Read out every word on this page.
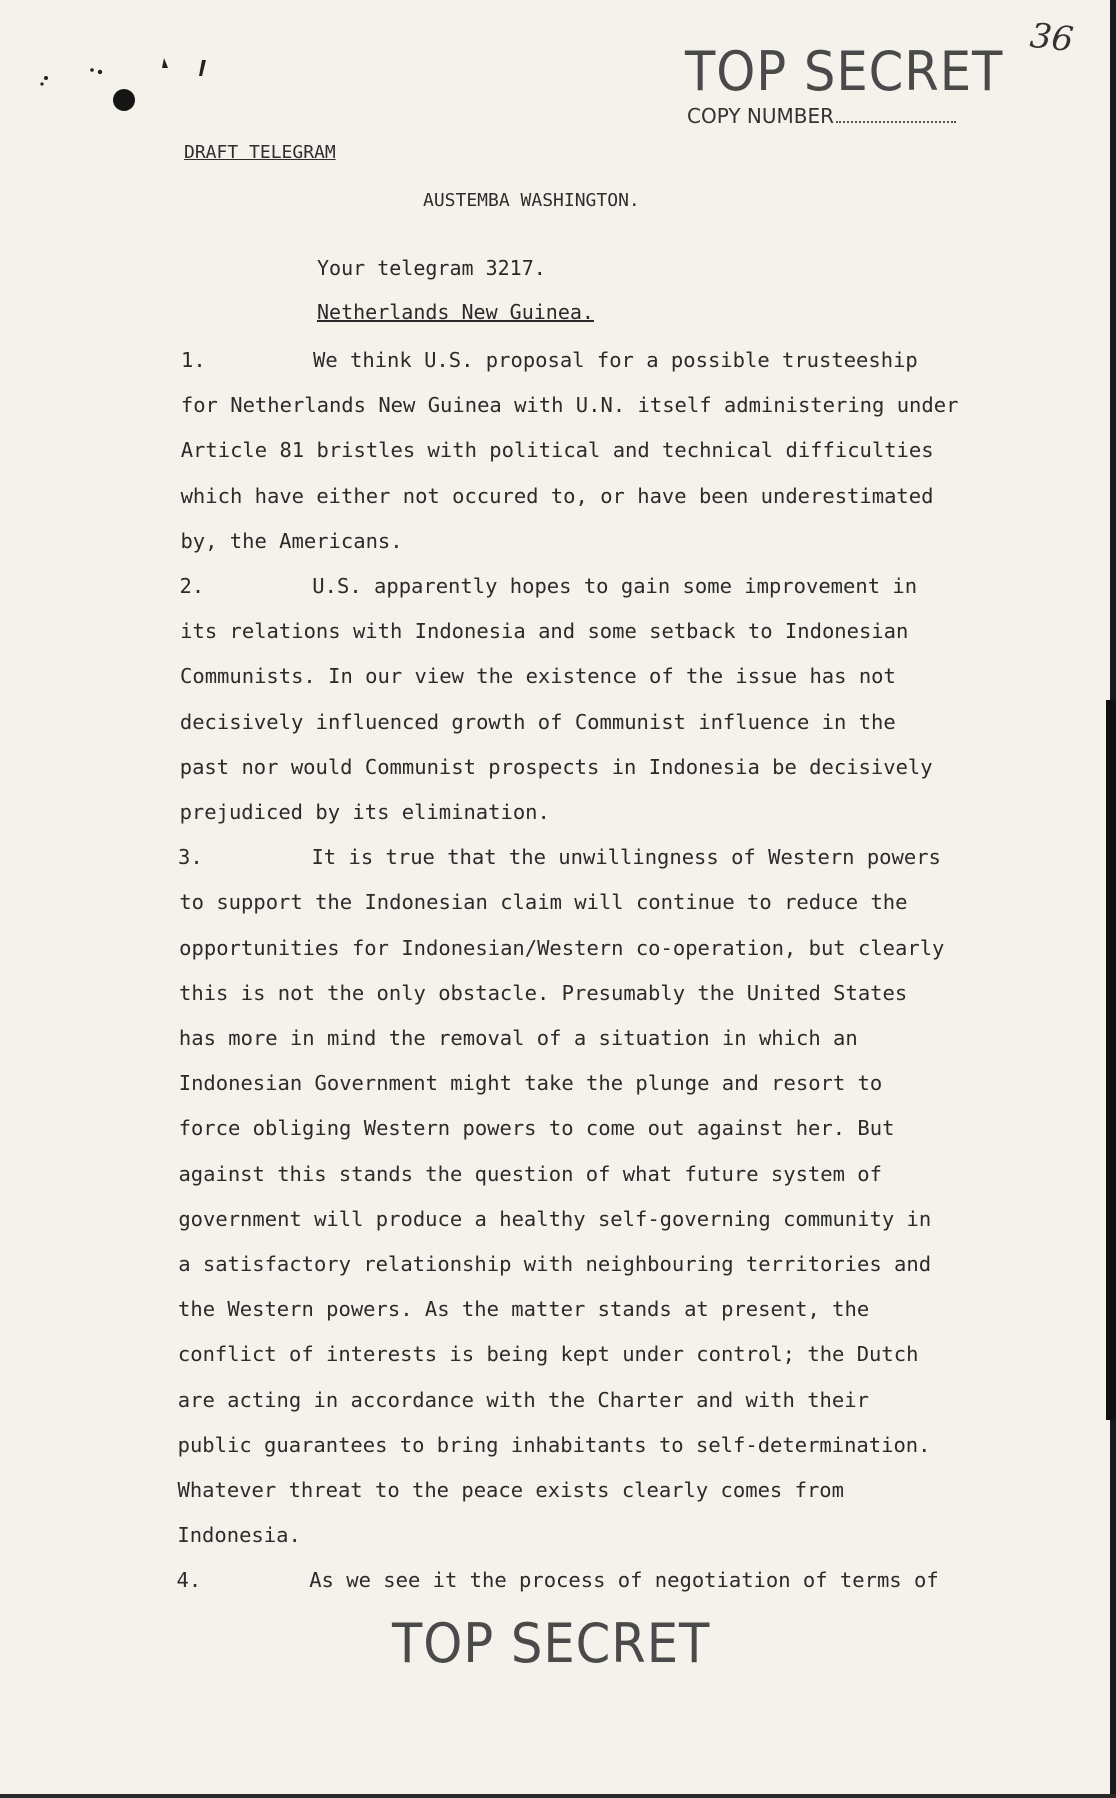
36
TOP SECRET
COPY NUMBER
DRAFT TELEGRAM
AUSTEMBA WASHINGTON.
Your telegram 3217.
Netherlands New Guinea.
1.	We think U.S. proposal for a possible trusteeship
for Netherlands New Guinea with U.N. itself administering under
Article 81 bristles with political and technical difficulties
which have either not occured to, or have been underestimated
by, the Americans.
2.	U.S. apparently hopes to gain some improvement in
its relations with Indonesia and some setback to Indonesian
Communists. In our view the existence of the issue has not
decisively influenced growth of Communist influence in the
past nor would Communist prospects in Indonesia be decisively
prejudiced by its elimination.
3.	It is true that the unwillingness of Western powers
to support the Indonesian claim will continue to reduce the
opportunities for Indonesian/Western co-operation, but clearly
this is not the only obstacle. Presumably the United States
has more in mind the removal of a situation in which an
Indonesian Government might take the plunge and resort to
force obliging Western powers to come out against her. But
against this stands the question of what future system of
government will produce a healthy self-governing community in
a satisfactory relationship with neighbouring territories and
the Western powers. As the matter stands at present, the
conflict of interests is being kept under control; the Dutch
are acting in accordance with the Charter and with their
public guarantees to bring inhabitants to self-determination.
Whatever threat to the peace exists clearly comes from
Indonesia.
4.	As we see it the process of negotiation of terms of
TOP SECRET
